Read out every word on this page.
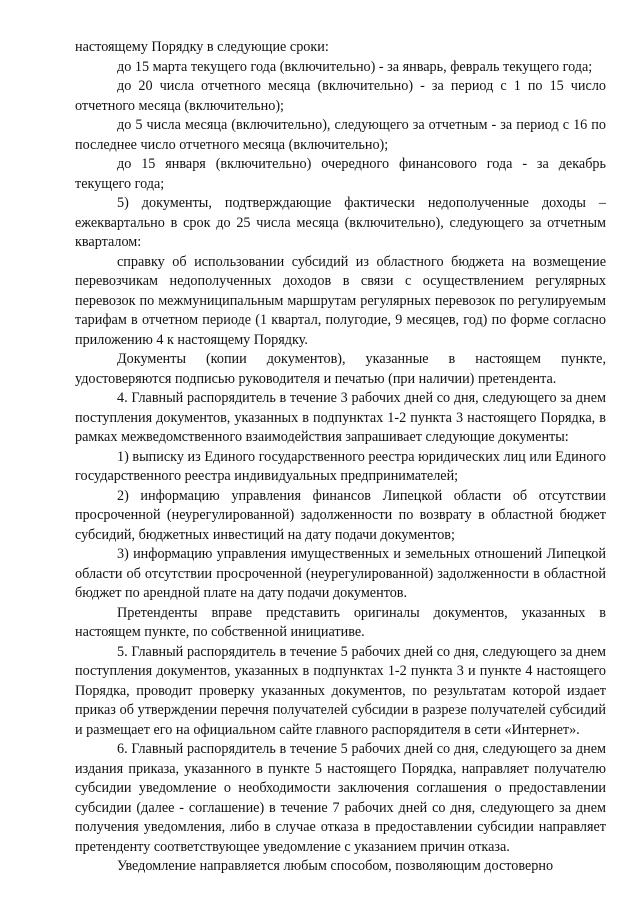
настоящему Порядку в следующие сроки:

до 15 марта текущего года (включительно) - за январь, февраль текущего года;

до 20 числа отчетного месяца (включительно) - за период с 1 по 15 число отчетного месяца (включительно);

до 5 числа месяца (включительно), следующего за отчетным - за период с 16 по последнее число отчетного месяца (включительно);

до 15 января (включительно) очередного финансового года - за декабрь текущего года;

5) документы, подтверждающие фактически недополученные доходы – ежеквартально в срок до 25 числа месяца (включительно), следующего за отчетным кварталом:

справку об использовании субсидий из областного бюджета на возмещение перевозчикам недополученных доходов в связи с осуществлением регулярных перевозок по межмуниципальным маршрутам регулярных перевозок по регулируемым тарифам в отчетном периоде (1 квартал, полугодие, 9 месяцев, год) по форме согласно приложению 4 к настоящему Порядку.

Документы (копии документов), указанные в настоящем пункте, удостоверяются подписью руководителя и печатью (при наличии) претендента.

4. Главный распорядитель в течение 3 рабочих дней со дня, следующего за днем поступления документов, указанных в подпунктах 1-2 пункта 3 настоящего Порядка, в рамках межведомственного взаимодействия запрашивает следующие документы:

1) выписку из Единого государственного реестра юридических лиц или Единого государственного реестра индивидуальных предпринимателей;

2) информацию управления финансов Липецкой области об отсутствии просроченной (неурегулированной) задолженности по возврату в областной бюджет субсидий, бюджетных инвестиций на дату подачи документов;

3) информацию управления имущественных и земельных отношений Липецкой области об отсутствии просроченной (неурегулированной) задолженности в областной бюджет по арендной плате на дату подачи документов.

Претенденты вправе представить оригиналы документов, указанных в настоящем пункте, по собственной инициативе.

5. Главный распорядитель в течение 5 рабочих дней со дня, следующего за днем поступления документов, указанных в подпунктах 1-2 пункта 3 и пункте 4 настоящего Порядка, проводит проверку указанных документов, по результатам которой издает приказ об утверждении перечня получателей субсидии в разрезе получателей субсидий и размещает его на официальном сайте главного распорядителя в сети «Интернет».

6. Главный распорядитель в течение 5 рабочих дней со дня, следующего за днем издания приказа, указанного в пункте 5 настоящего Порядка, направляет получателю субсидии уведомление о необходимости заключения соглашения о предоставлении субсидии (далее - соглашение) в течение 7 рабочих дней со дня, следующего за днем получения уведомления, либо в случае отказа в предоставлении субсидии направляет претенденту соответствующее уведомление с указанием причин отказа.

Уведомление направляется любым способом, позволяющим достоверно
